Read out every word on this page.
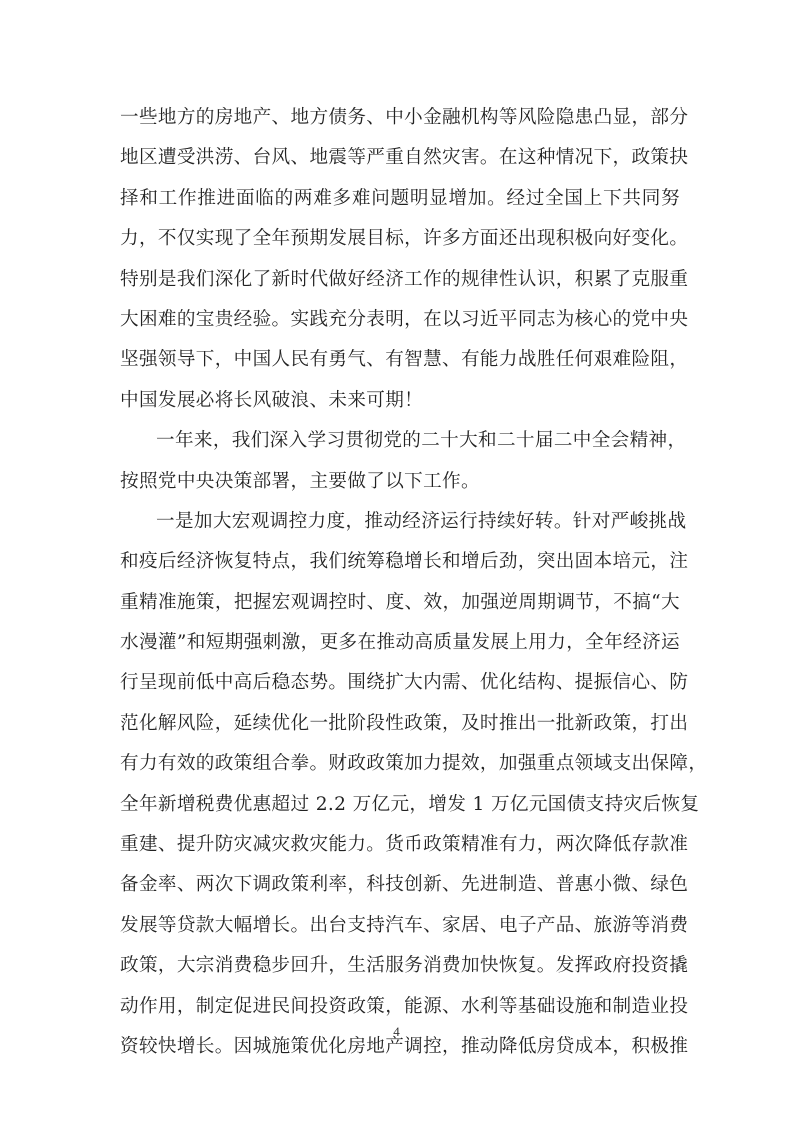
一些地方的房地产、地方债务、中小金融机构等风险隐患凸显，部分
地区遭受洪涝、台风、地震等严重自然灾害。在这种情况下，政策抉
择和工作推进面临的两难多难问题明显增加。经过全国上下共同努
力，不仅实现了全年预期发展目标，许多方面还出现积极向好变化。
特别是我们深化了新时代做好经济工作的规律性认识，积累了克服重
大困难的宝贵经验。实践充分表明，在以习近平同志为核心的党中央
坚强领导下，中国人民有勇气、有智慧、有能力战胜任何艰难险阻，
中国发展必将长风破浪、未来可期！
一年来，我们深入学习贯彻党的二十大和二十届二中全会精神，
按照党中央决策部署，主要做了以下工作。
一是加大宏观调控力度，推动经济运行持续好转。针对严峻挑战
和疫后经济恢复特点，我们统筹稳增长和增后劲，突出固本培元，注
重精准施策，把握宏观调控时、度、效，加强逆周期调节，不搞“大
水漫灌”和短期强刺激，更多在推动高质量发展上用力，全年经济运
行呈现前低中高后稳态势。围绕扩大内需、优化结构、提振信心、防
范化解风险，延续优化一批阶段性政策，及时推出一批新政策，打出
有力有效的政策组合拳。财政政策加力提效，加强重点领域支出保障，
全年新增税费优惠超过 2.2 万亿元，增发 1 万亿元国债支持灾后恢复
重建、提升防灾减灾救灾能力。货币政策精准有力，两次降低存款准
备金率、两次下调政策利率，科技创新、先进制造、普惠小微、绿色
发展等贷款大幅增长。出台支持汽车、家居、电子产品、旅游等消费
政策，大宗消费稳步回升，生活服务消费加快恢复。发挥政府投资撬
动作用，制定促进民间投资政策，能源、水利等基础设施和制造业投
资较快增长。因城施策优化房地产调控，推动降低房贷成本，积极推
4
